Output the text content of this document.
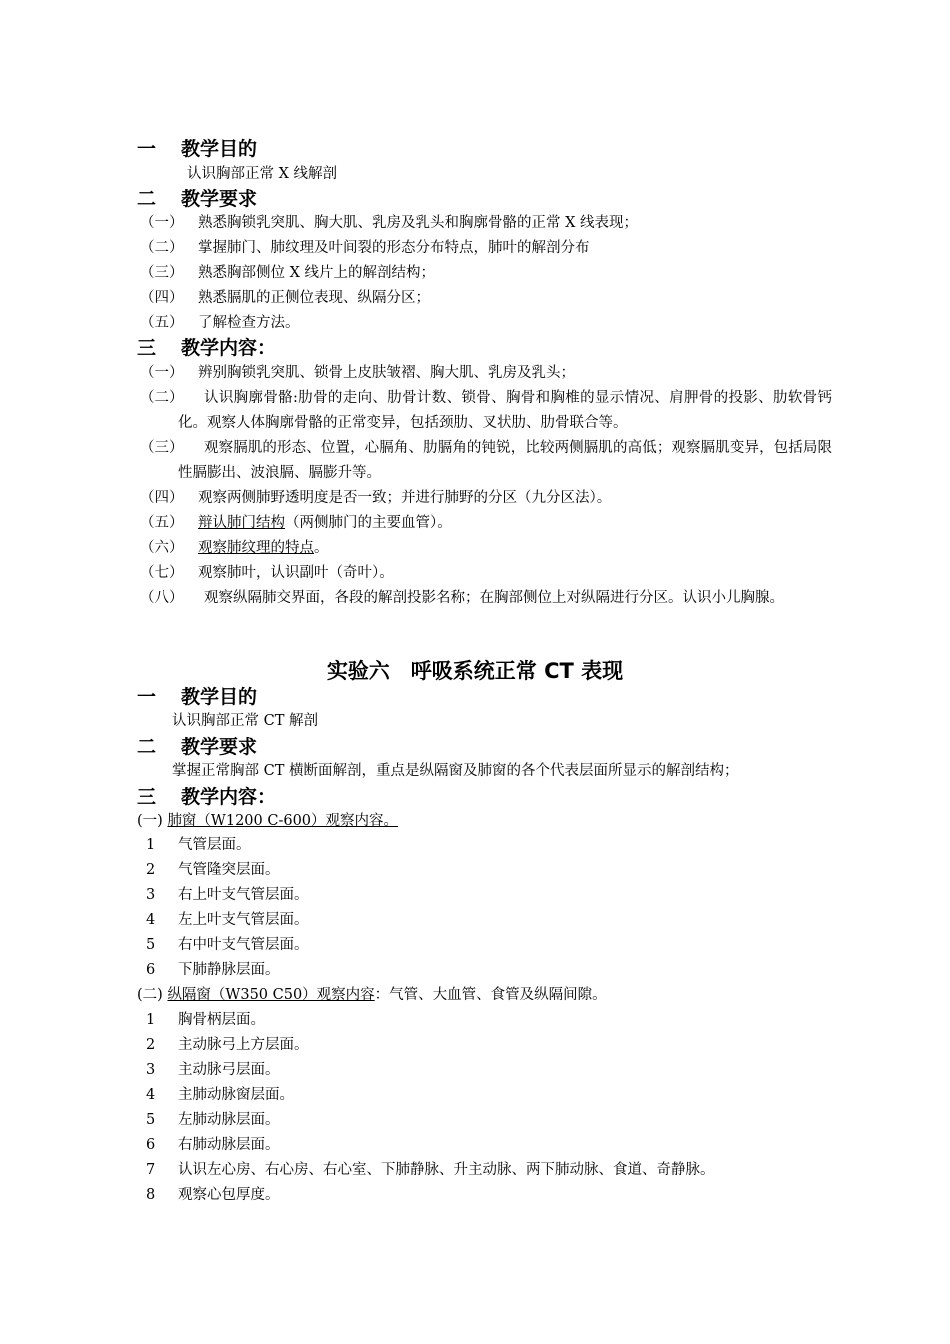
一 教学目的
认识胸部正常 X 线解剖
二 教学要求
（一） 熟悉胸锁乳突肌、胸大肌、乳房及乳头和胸廓骨骼的正常 X 线表现；
（二） 掌握肺门、肺纹理及叶间裂的形态分布特点，肺叶的解剖分布
（三） 熟悉胸部侧位 X 线片上的解剖结构；
（四） 熟悉膈肌的正侧位表现、纵隔分区；
（五） 了解检查方法。
三 教学内容：
（一） 辨别胸锁乳突肌、锁骨上皮肤皱褶、胸大肌、乳房及乳头；
（二）	认识胸廓骨骼:肋骨的走向、肋骨计数、锁骨、胸骨和胸椎的显示情况、肩胛骨的投影、肋软骨钙化。观察人体胸廓骨骼的正常变异，包括颈肋、叉状肋、肋骨联合等。
（三）	观察膈肌的形态、位置，心膈角、肋膈角的钝锐，比较两侧膈肌的高低；观察膈肌变异，包括局限性膈膨出、波浪膈、膈膨升等。
（四） 观察两侧肺野透明度是否一致；并进行肺野的分区（九分区法）。
（五） 辩认肺门结构（两侧肺门的主要血管）。
（六） 观察肺纹理的特点。
（七） 观察肺叶，认识副叶（奇叶）。
（八）	观察纵隔肺交界面，各段的解剖投影名称；在胸部侧位上对纵隔进行分区。认识小儿胸腺。
实验六　呼吸系统正常 CT 表现
一 教学目的
认识胸部正常 CT 解剖
二 教学要求
掌握正常胸部 CT 横断面解剖，重点是纵隔窗及肺窗的各个代表层面所显示的解剖结构；
三 教学内容：
(一) 肺窗（W1200 C-600）观察内容。
1 气管层面。
2 气管隆突层面。
3 右上叶支气管层面。
4 左上叶支气管层面。
5 右中叶支气管层面。
6 下肺静脉层面。
(二) 纵隔窗（W350 C50）观察内容：气管、大血管、食管及纵隔间隙。
1 胸骨柄层面。
2 主动脉弓上方层面。
3 主动脉弓层面。
4 主肺动脉窗层面。
5 左肺动脉层面。
6 右肺动脉层面。
7 认识左心房、右心房、右心室、下肺静脉、升主动脉、两下肺动脉、食道、奇静脉。
8 观察心包厚度。
